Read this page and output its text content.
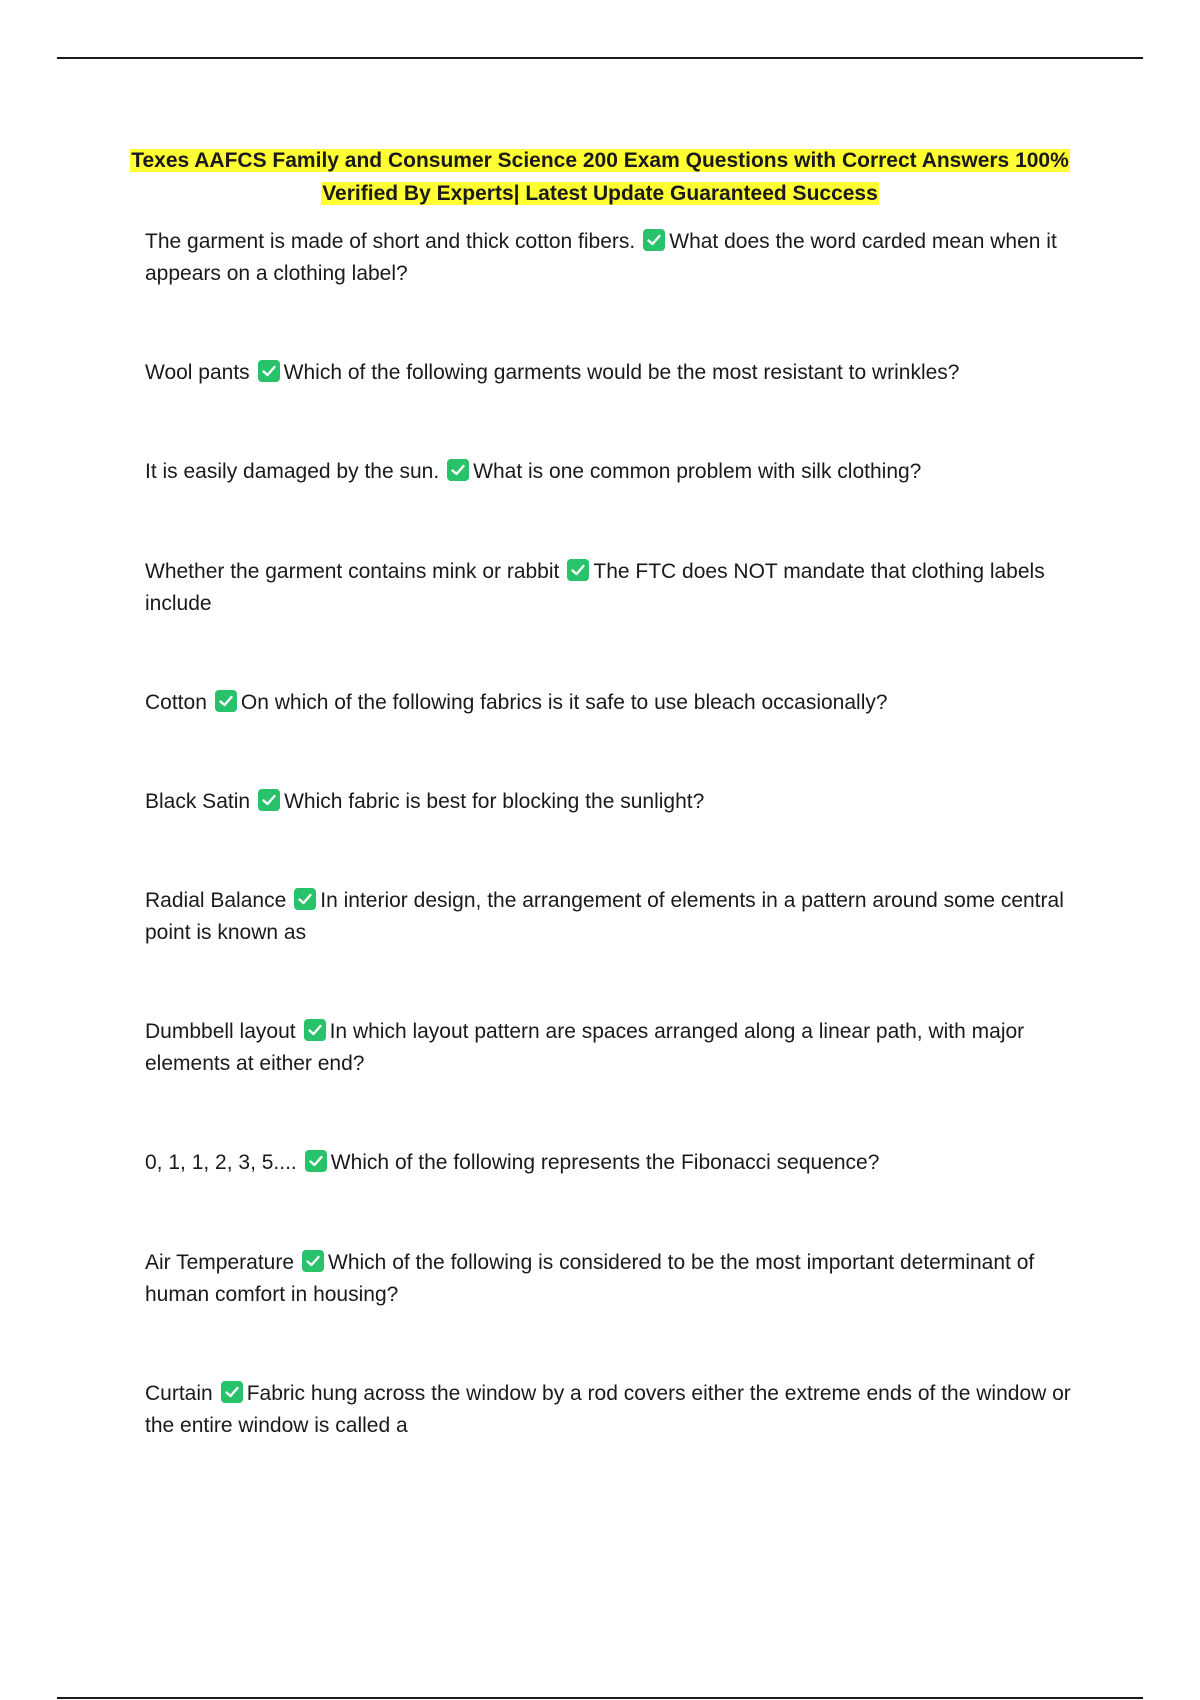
Texes AAFCS Family and Consumer Science 200 Exam Questions with Correct Answers 100%
Verified By Experts| Latest Update Guaranteed Success
The garment is made of short and thick cotton fibers. What does the word carded mean when it appears on a clothing label?
Wool pants Which of the following garments would be the most resistant to wrinkles?
It is easily damaged by the sun. What is one common problem with silk clothing?
Whether the garment contains mink or rabbit The FTC does NOT mandate that clothing labels include
Cotton On which of the following fabrics is it safe to use bleach occasionally?
Black Satin Which fabric is best for blocking the sunlight?
Radial Balance In interior design, the arrangement of elements in a pattern around some central point is known as
Dumbbell layout In which layout pattern are spaces arranged along a linear path, with major elements at either end?
0, 1, 1, 2, 3, 5.... Which of the following represents the Fibonacci sequence?
Air Temperature Which of the following is considered to be the most important determinant of human comfort in housing?
Curtain Fabric hung across the window by a rod covers either the extreme ends of the window or the entire window is called a
